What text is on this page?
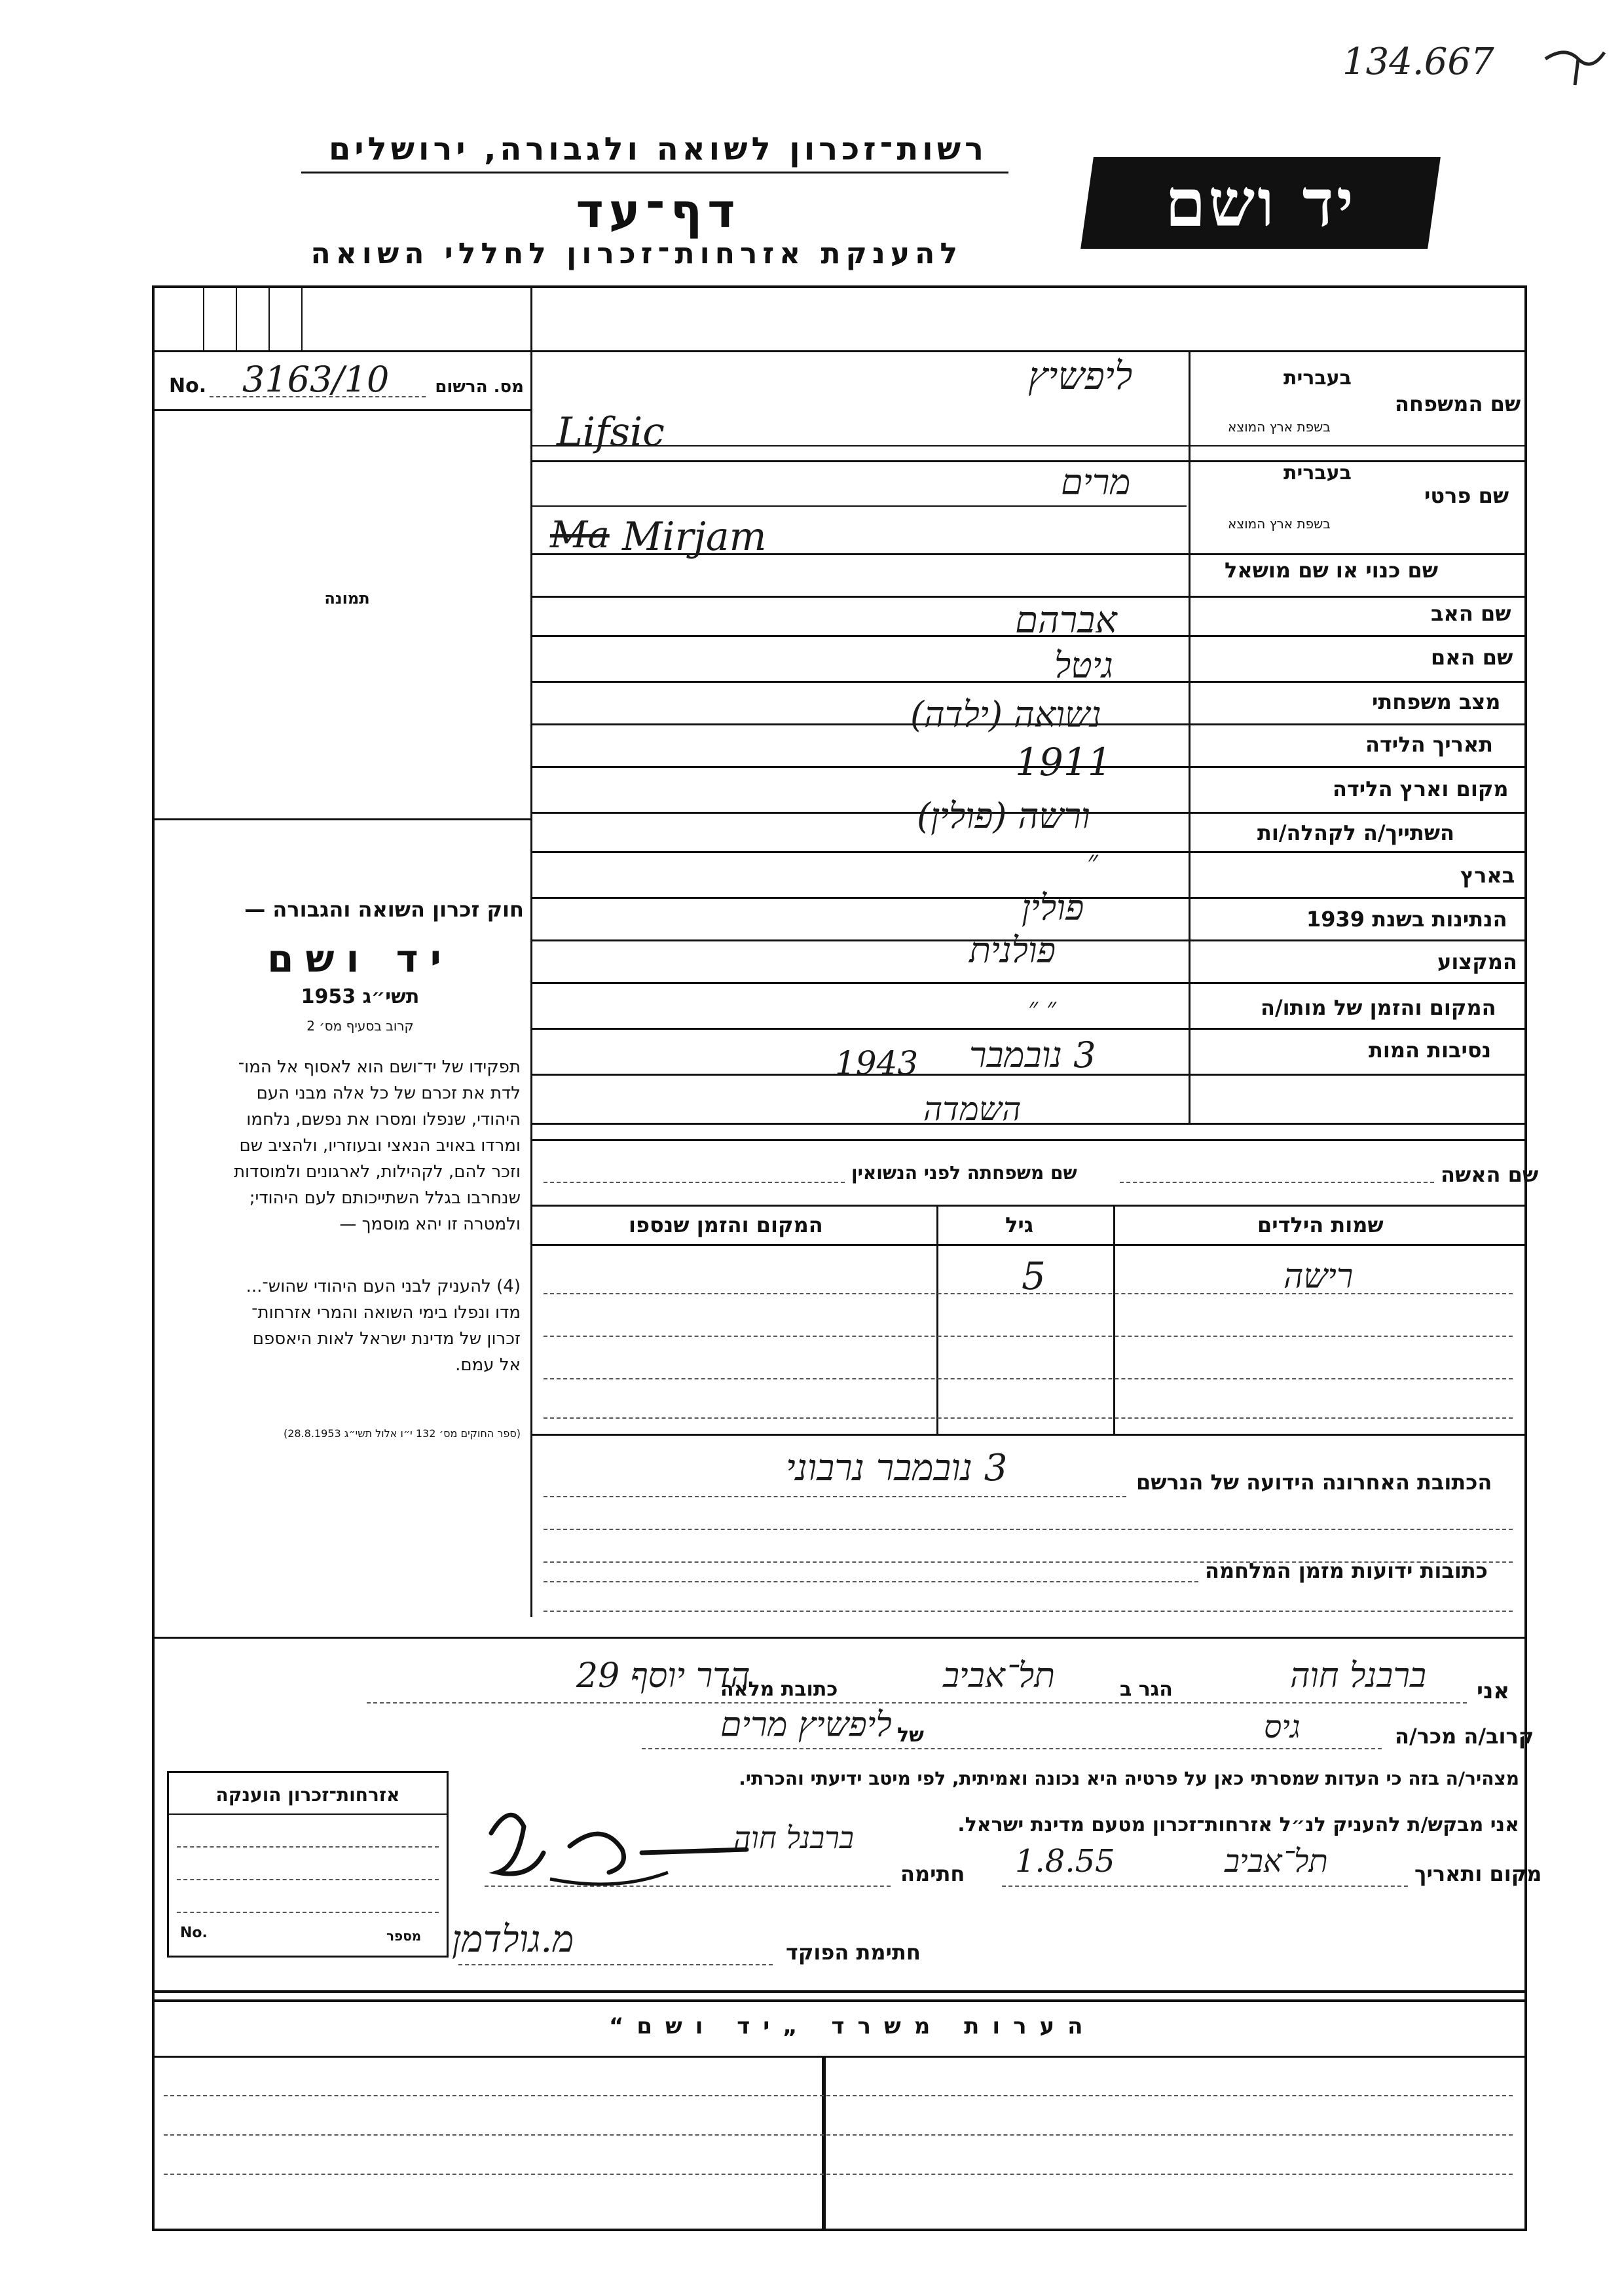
134.667
רשות־זכרון לשואה ולגבורה, ירושלים
דף־עד
להענקת אזרחות־זכרון לחללי השואה
יד ושם
No. 3163/10	מס. הרשום
תמונה
חוק זכרון השואה והגבורה —
יד ושם
תשי״ג 1953
קרוב בסעיף מס׳ 2
תפקידו של יד־ושם הוא לאסוף אל המו־
לדת את זכרם של כל אלה מבני העם
היהודי, שנפלו ומסרו את נפשם, נלחמו
ומרדו באויב הנאצי ובעוזריו, ולהציב שם
וזכר להם, לקהילות, לארגונים ולמוסדות
שנחרבו בגלל השתייכותם לעם היהודי;
ולמטרה זו יהא מוסמך —
(4) להעניק לבני העם היהודי שהוש־...
מדו ונפלו בימי השואה והמרי אזרחות־
זכרון של מדינת ישראל לאות היאספם
אל עמם.
(ספר החוקים מס׳ 132 י״ו אלול תשי״ג 28.8.1953)
בעברית
שם המשפחה
בשפת ארץ המוצא
בעברית
שם פרטי
בשפת ארץ המוצא
שם כנוי או שם מושאל
שם האב
שם האם
מצב משפחתי
תאריך הלידה
מקום וארץ הלידה
השתייך/ה לקהלה/ות
בארץ
הנתינות בשנת 1939
המקצוע
המקום והזמן של מותו/ה
נסיבות המות
ליפשיץ
Lifsic
מרים
Ma Mirjam
אברהם
גיטל
נשואה (ילדה)
1911
ורשה (פולין)
״
פולין
פולנית
״ ״
3 נובמבר
1943
השמדה
שם האשה
שם משפחתה לפני הנשואין
שמות הילדים
גיל
המקום והזמן שנספו
רישה
5
הכתובת האחרונה הידועה של הנרשם
3 נובמבר נרבוני
כתובות ידועות מזמן המלחמה
אני
ברבנל חוה
הגר ב
תל־אביב
כתובת מלאה
הדר יוסף 29
קרוב/ה מכר/ה
גיס
של
ליפשיץ מרים
מצהיר/ה בזה כי העדות שמסרתי כאן על פרטיה היא נכונה ואמיתית, לפי מיטב ידיעתי והכרתי.
אני מבקש/ת להעניק לנ״ל אזרחות־זכרון מטעם מדינת ישראל.
מקום ותאריך
תל־אביב
1.8.55
חתימה
ברבנל חוה
חתימת הפוקד
מ.גולדמן
אזרחות־זכרון הוענקה
No.	מספר
הערות משרד „יד ושם“
